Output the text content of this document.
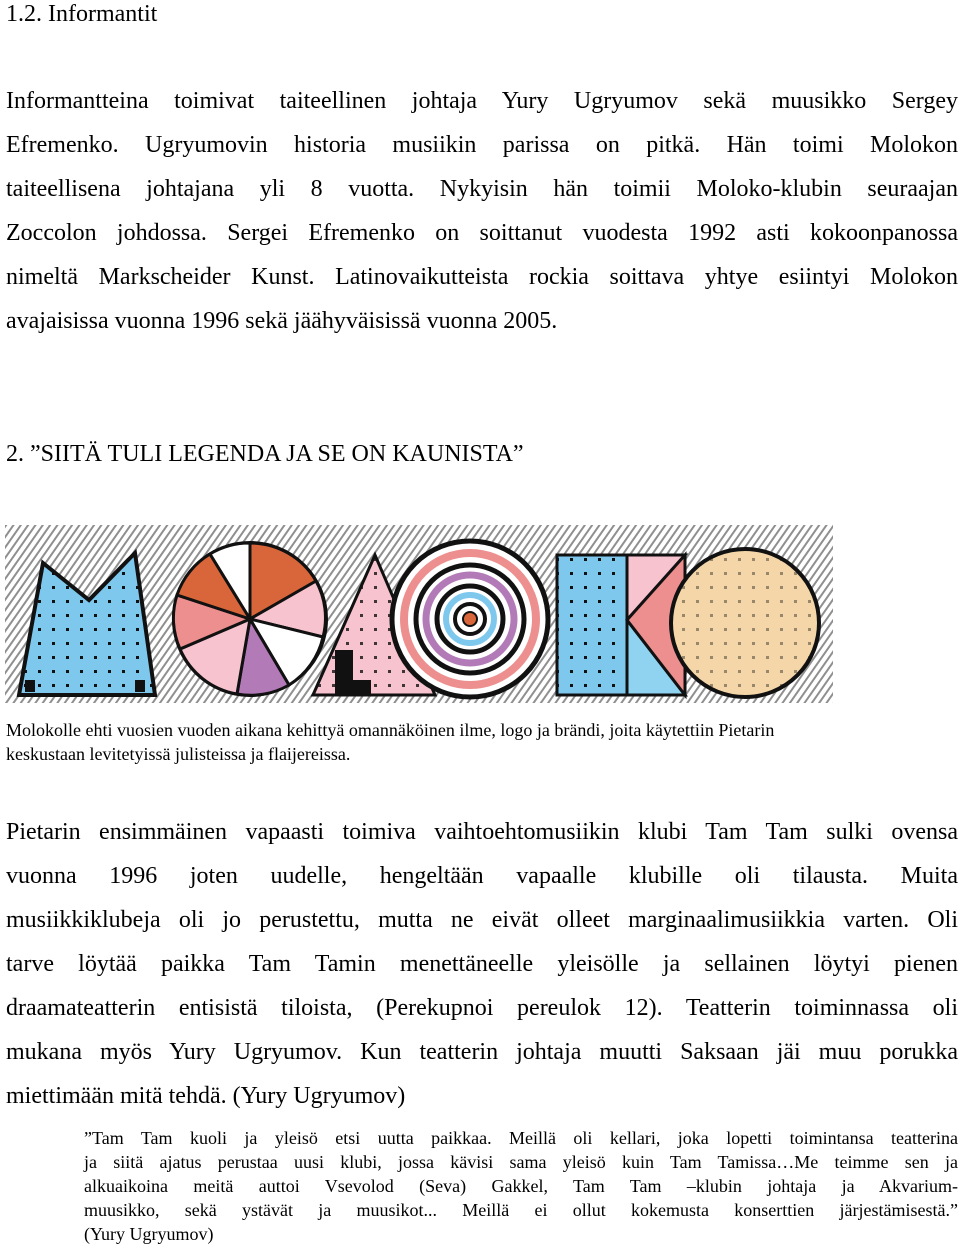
1.2. Informantit
Informantteina toimivat taiteellinen johtaja Yury Ugryumov sekä muusikko Sergey
Efremenko. Ugryumovin historia musiikin parissa on pitkä. Hän toimi Molokon
taiteellisena johtajana yli 8 vuotta. Nykyisin hän toimii Moloko-klubin seuraajan
Zoccolon johdossa. Sergei Efremenko on soittanut vuodesta 1992 asti kokoonpanossa
nimeltä Markscheider Kunst. Latinovaikutteista rockia soittava yhtye esiintyi Molokon
avajaisissa vuonna 1996 sekä jäähyväisissä vuonna 2005.
2. ”SIITÄ TULI LEGENDA JA SE ON KAUNISTA”
Molokolle ehti vuosien vuoden aikana kehittyä omannäköinen ilme, logo ja brändi, joita käytettiin Pietarin
keskustaan levitetyissä julisteissa ja flaijereissa.
Pietarin ensimmäinen vapaasti toimiva vaihtoehtomusiikin klubi Tam Tam sulki ovensa
vuonna 1996 joten uudelle, hengeltään vapaalle klubille oli tilausta. Muita
musiikkiklubeja oli jo perustettu, mutta ne eivät olleet marginaalimusiikkia varten. Oli
tarve löytää paikka Tam Tamin menettäneelle yleisölle ja sellainen löytyi pienen
draamateatterin entisistä tiloista, (Perekupnoi pereulok 12). Teatterin toiminnassa oli
mukana myös Yury Ugryumov. Kun teatterin johtaja muutti Saksaan jäi muu porukka
miettimään mitä tehdä. (Yury Ugryumov)
”Tam Tam kuoli ja yleisö etsi uutta paikkaa. Meillä oli kellari, joka lopetti toimintansa teatterina
ja siitä ajatus perustaa uusi klubi, jossa kävisi sama yleisö kuin Tam Tamissa…Me teimme sen ja
alkuaikoina meitä auttoi Vsevolod (Seva) Gakkel, Tam Tam –klubin johtaja ja Akvarium-
muusikko, sekä ystävät ja muusikot... Meillä ei ollut kokemusta konserttien järjestämisestä.”
(Yury Ugryumov)
